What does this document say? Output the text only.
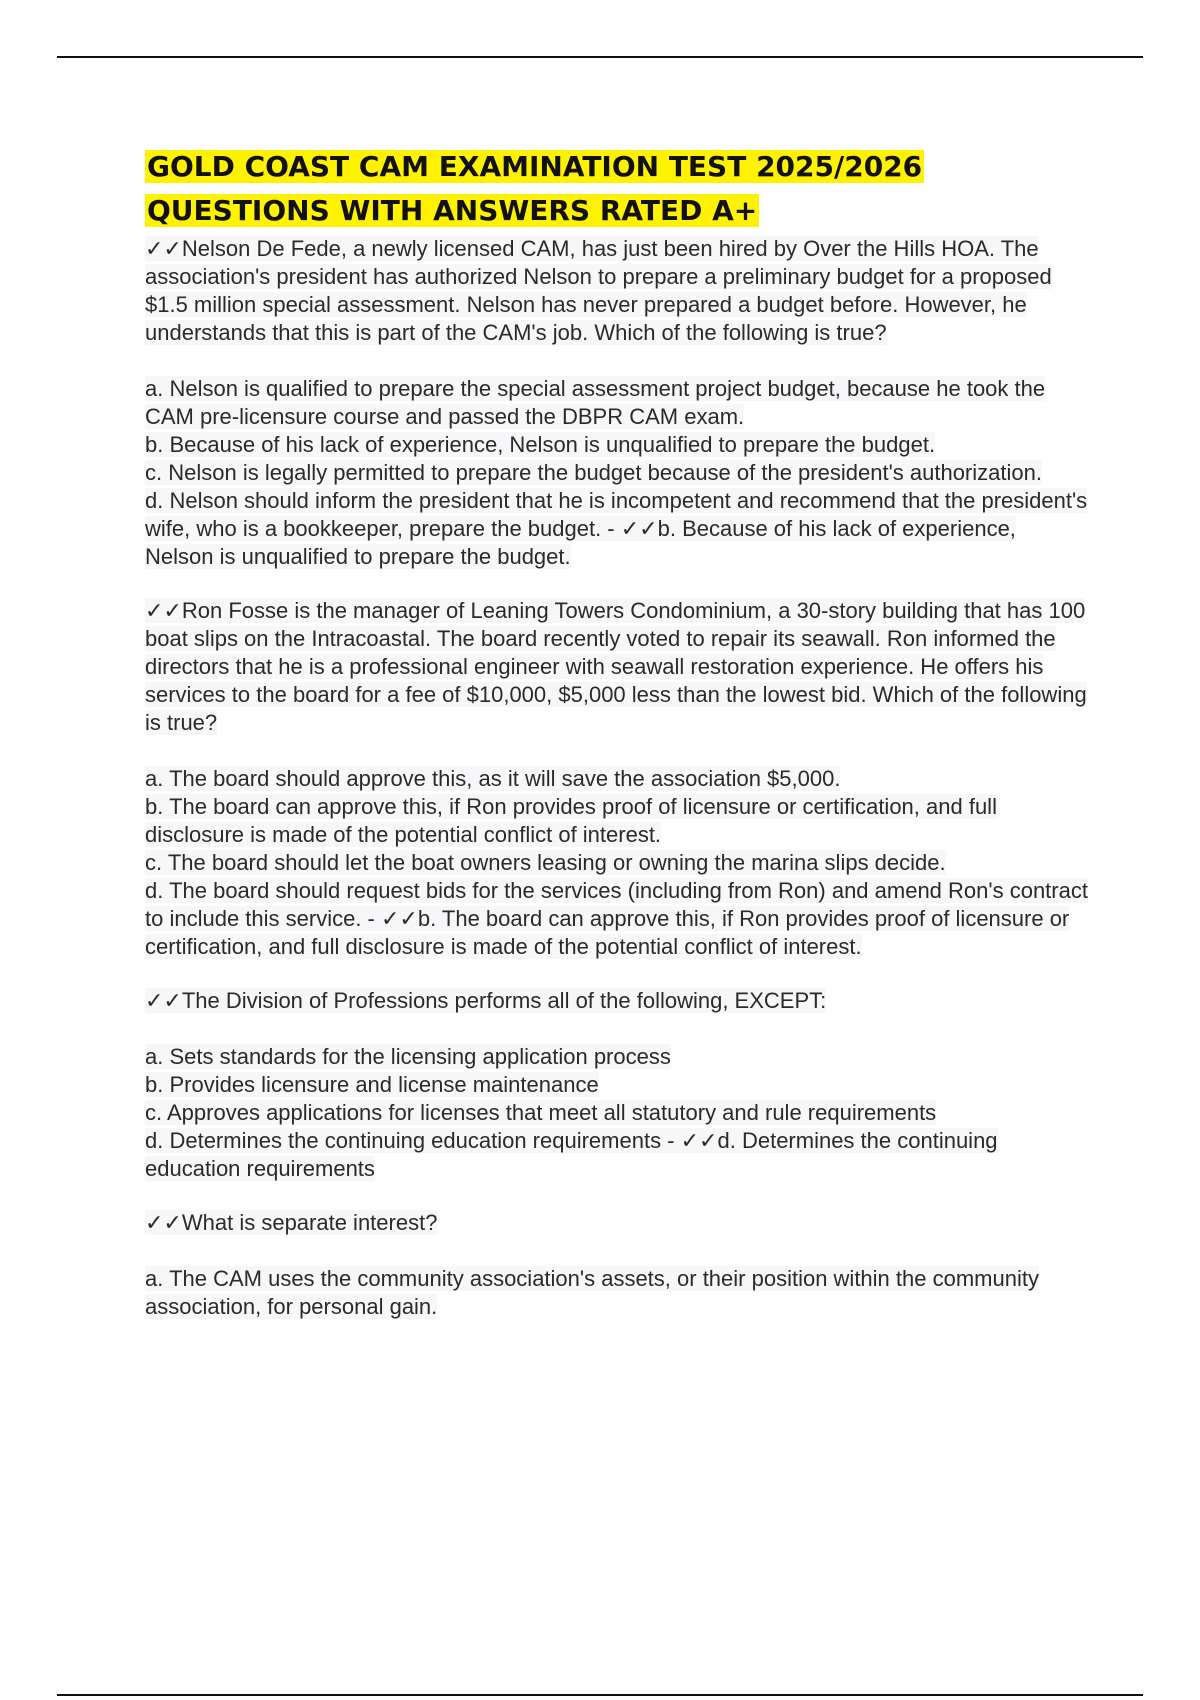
GOLD COAST CAM EXAMINATION TEST 2025/2026
QUESTIONS WITH ANSWERS RATED A+
✓✓Nelson De Fede, a newly licensed CAM, has just been hired by Over the Hills HOA. The association's president has authorized Nelson to prepare a preliminary budget for a proposed $1.5 million special assessment. Nelson has never prepared a budget before. However, he understands that this is part of the CAM's job. Which of the following is true?
a. Nelson is qualified to prepare the special assessment project budget, because he took the CAM pre-licensure course and passed the DBPR CAM exam.
b. Because of his lack of experience, Nelson is unqualified to prepare the budget.
c. Nelson is legally permitted to prepare the budget because of the president's authorization.
d. Nelson should inform the president that he is incompetent and recommend that the president's wife, who is a bookkeeper, prepare the budget. - ✓✓b. Because of his lack of experience, Nelson is unqualified to prepare the budget.
✓✓Ron Fosse is the manager of Leaning Towers Condominium, a 30-story building that has 100 boat slips on the Intracoastal. The board recently voted to repair its seawall. Ron informed the directors that he is a professional engineer with seawall restoration experience. He offers his services to the board for a fee of $10,000, $5,000 less than the lowest bid. Which of the following is true?
a. The board should approve this, as it will save the association $5,000.
b. The board can approve this, if Ron provides proof of licensure or certification, and full disclosure is made of the potential conflict of interest.
c. The board should let the boat owners leasing or owning the marina slips decide.
d. The board should request bids for the services (including from Ron) and amend Ron's contract to include this service. - ✓✓b. The board can approve this, if Ron provides proof of licensure or certification, and full disclosure is made of the potential conflict of interest.
✓✓The Division of Professions performs all of the following, EXCEPT:
a. Sets standards for the licensing application process
b. Provides licensure and license maintenance
c. Approves applications for licenses that meet all statutory and rule requirements
d. Determines the continuing education requirements - ✓✓d. Determines the continuing education requirements
✓✓What is separate interest?
a. The CAM uses the community association's assets, or their position within the community association, for personal gain.
